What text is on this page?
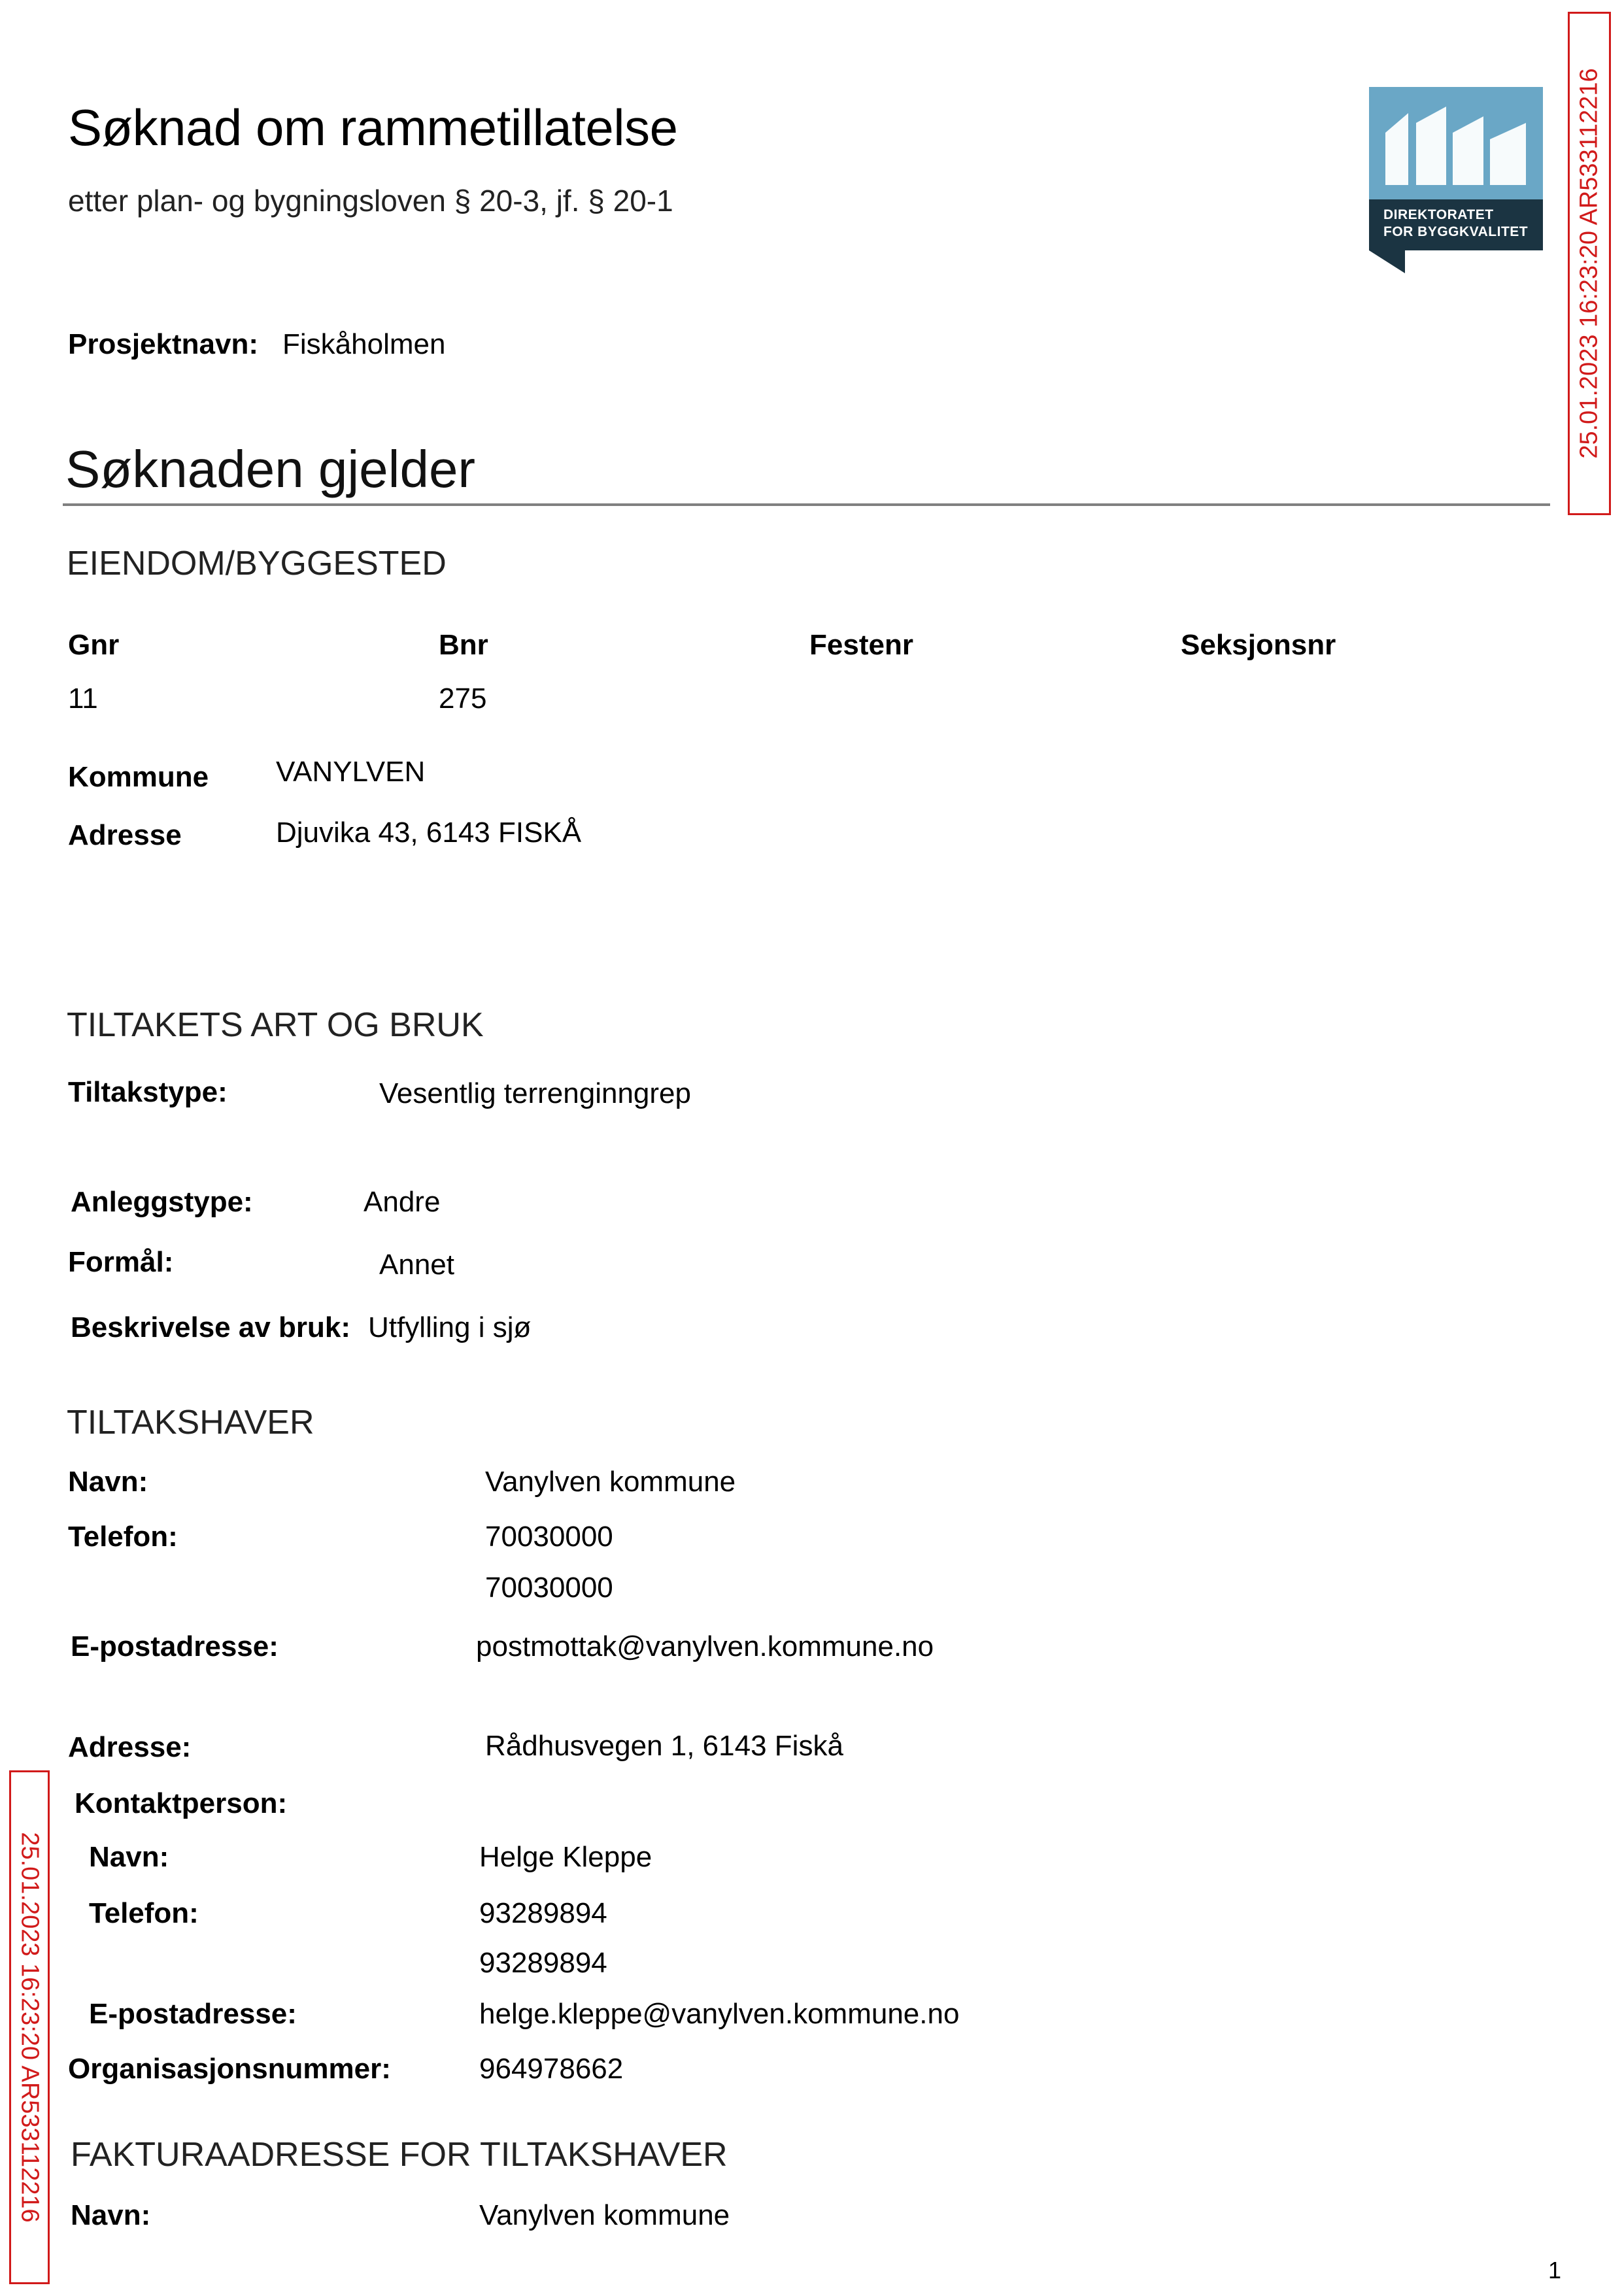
Søknad om rammetillatelse
etter plan- og bygningsloven § 20-3, jf. § 20-1	DIREKTORATET
FOR BYGGKVALITET 25.01.2023 16:23:20 AR533112216
Prosjektnavn: Fiskåholmen
Søknaden gjelder
EIENDOM/BYGGESTED
Gnr	Bnr	Festenr	Seksjonsnr
11	275
Kommune VANYLVEN
Adresse	Djuvika 43, 6143 FISKÅ
TILTAKETS ART OG BRUK
Tiltakstype:	Vesentlig terrenginngrep
Anleggstype:	Andre
Formål:	Annet
Beskrivelse av bruk: Utfylling i sjø
TILTAKSHAVER
Navn:	Vanylven kommune
Telefon:	70030000
70030000
E-postadresse:	postmottak@vanylven.kommune.no
Adresse:	Rådhusvegen 1, 6143 Fiskå
Kontaktperson:
Navn:	Helge Kleppe
Telefon:	93289894
93289894
E-postadresse:	helge.kleppe@vanylven.kommune.no
Organisasjonsnummer:	964978662
FAKTURAADRESSE FOR TILTAKSHAVER
Navn:	Vanylven kommune
25.01.2023 16:23:20 AR533112216
1
